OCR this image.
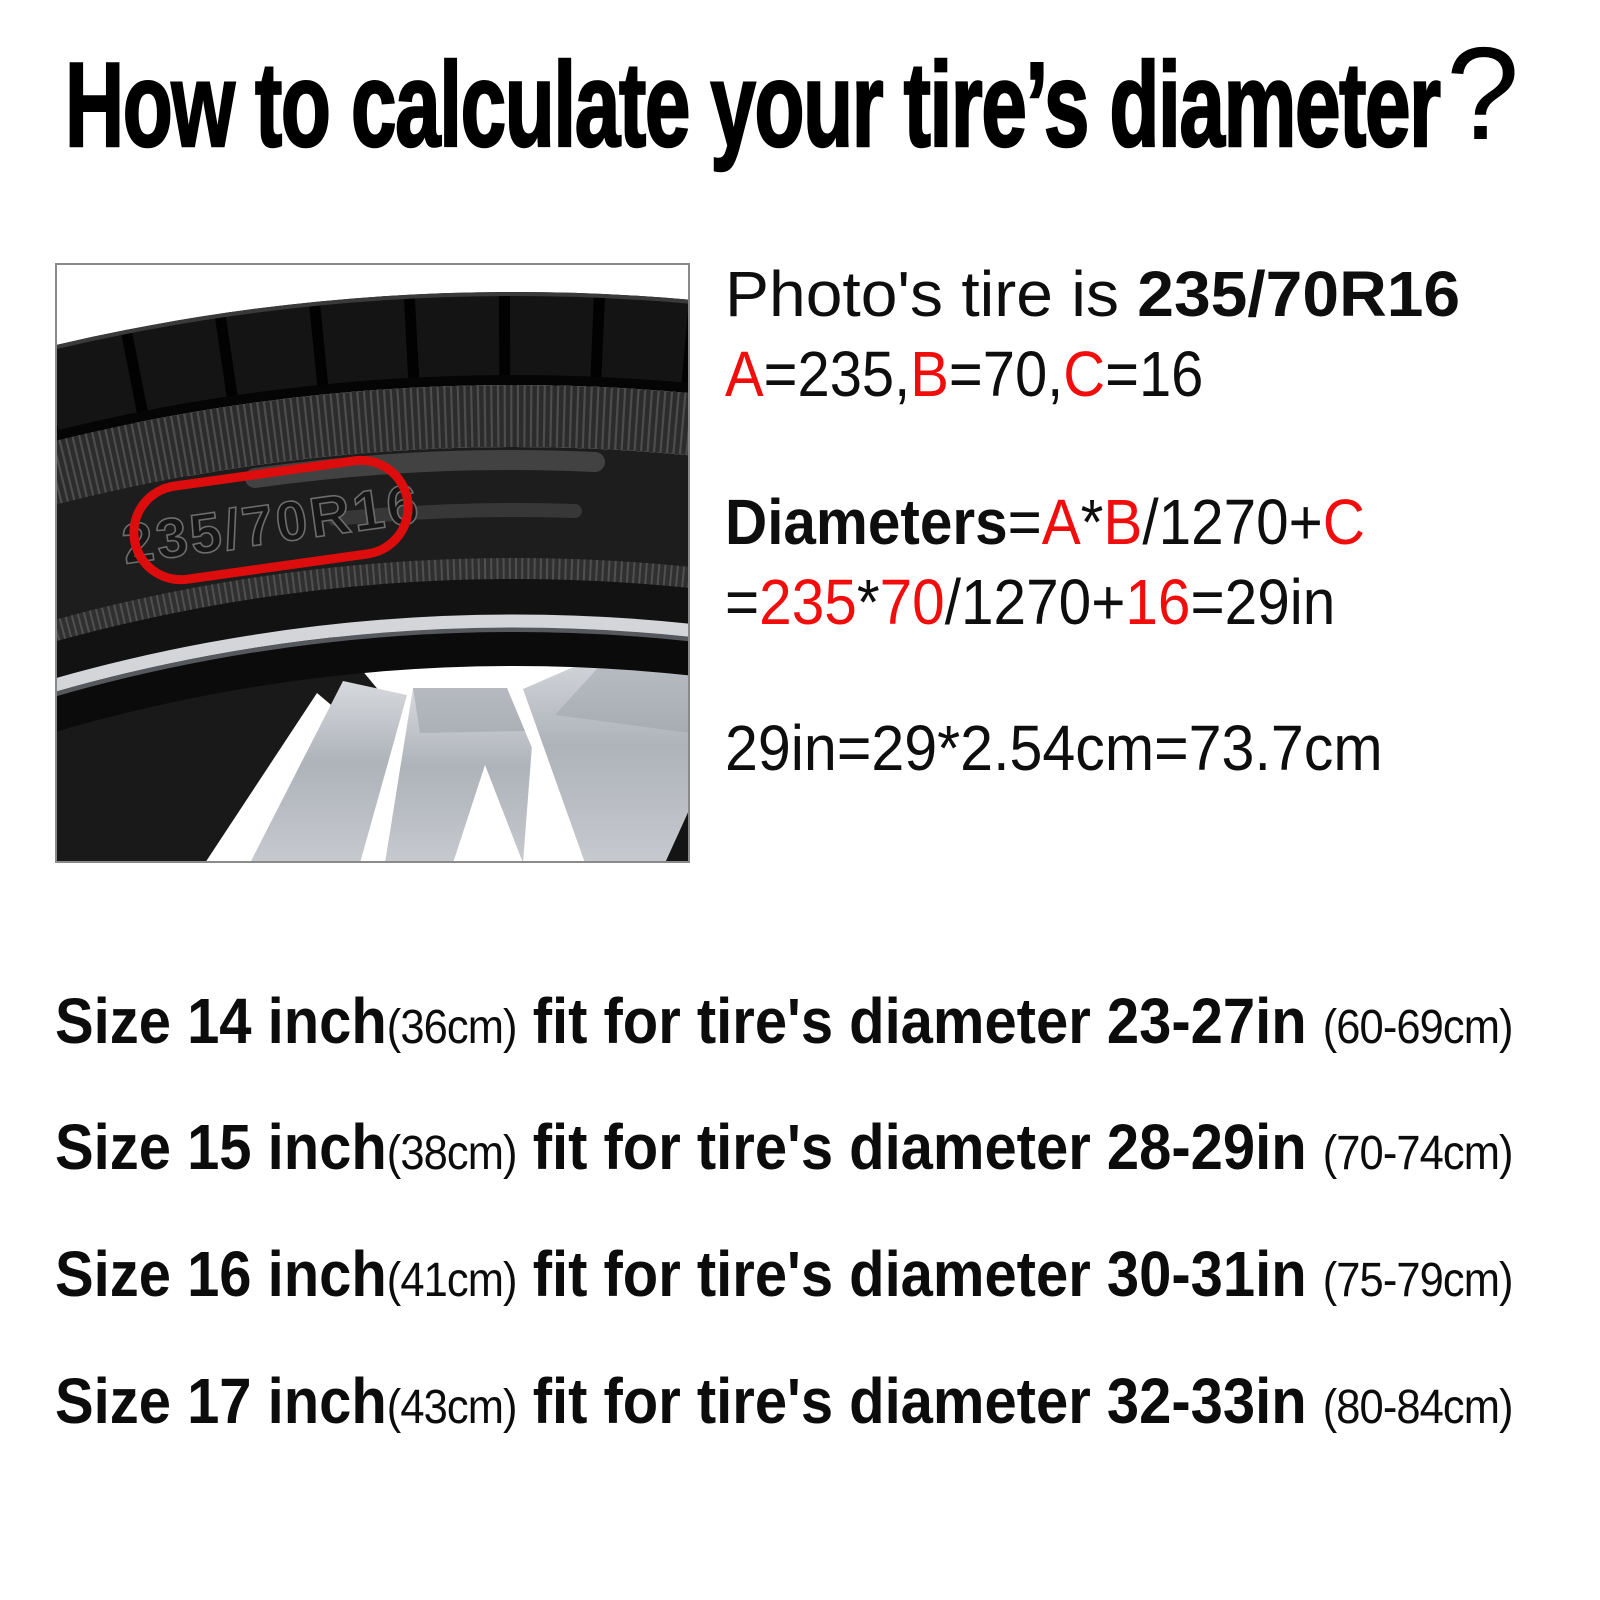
How to calculate your tire’s diameter ?
235/70R16
Photo's tire is 235/70R16
A=235,B=70,C=16
Diameters=A*B/1270+C
=235*70/1270+16=29in
29in=29*2.54cm=73.7cm
Size 14 inch(36cm) fit for tire's diameter 23-27in (60-69cm)
Size 15 inch(38cm) fit for tire's diameter 28-29in (70-74cm)
Size 16 inch(41cm) fit for tire's diameter 30-31in (75-79cm)
Size 17 inch(43cm) fit for tire's diameter 32-33in (80-84cm)
